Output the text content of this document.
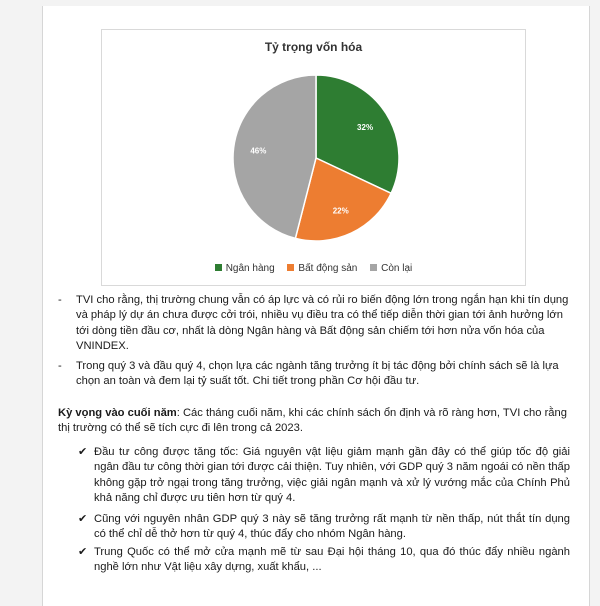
Tỷ trọng vốn hóa
32%
22%
46%
Ngân hàng Bất động sản Còn lại
- TVI cho rằng, thị trường chung vẫn có áp lực và có rủi ro biến động lớn trong ngắn hạn khi tín dụng và pháp lý dự án chưa được cởi trói, nhiều vụ điều tra có thể tiếp diễn thời gian tới ảnh hưởng lớn tới dòng tiền đầu cơ, nhất là dòng Ngân hàng và Bất động sản chiếm tới hơn nửa vốn hóa của VNINDEX.
- Trong quý 3 và đầu quý 4, chọn lựa các ngành tăng trưởng ít bị tác động bởi chính sách sẽ là lựa chọn an toàn và đem lại tỷ suất tốt. Chi tiết trong phần Cơ hội đầu tư.
Kỳ vọng vào cuối năm: Các tháng cuối năm, khi các chính sách ổn định và rõ ràng hơn, TVI cho rằng thị trường có thể sẽ tích cực đi lên trong cả 2023.
✔ Đầu tư công được tăng tốc: Giá nguyên vật liệu giảm mạnh gần đây có thể giúp tốc độ giải ngân đầu tư công thời gian tới được cải thiện. Tuy nhiên, với GDP quý 3 năm ngoái có nền thấp không gặp trở ngại trong tăng trưởng, việc giải ngân mạnh và xử lý vướng mắc của Chính Phủ khả năng chỉ được ưu tiên hơn từ quý 4.
✔ Cũng với nguyên nhân GDP quý 3 này sẽ tăng trưởng rất mạnh từ nền thấp, nút thắt tín dụng có thể chỉ dễ thở hơn từ quý 4, thúc đẩy cho nhóm Ngân hàng.
✔ Trung Quốc có thể mở cửa mạnh mẽ từ sau Đại hội tháng 10, qua đó thúc đẩy nhiều ngành nghề lớn như Vật liệu xây dựng, xuất khẩu, ...
